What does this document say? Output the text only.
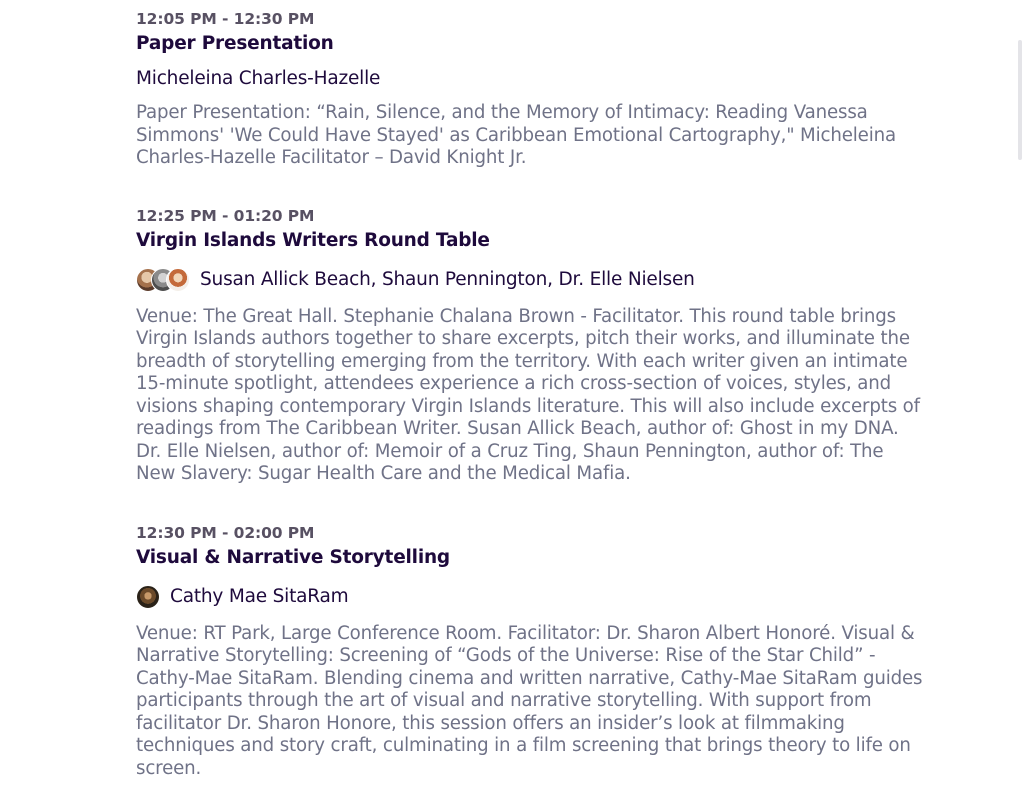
12:05 PM - 12:30 PM
Paper Presentation
Micheleina Charles-Hazelle

Paper Presentation: “Rain, Silence, and the Memory of Intimacy: Reading Vanessa Simmons' 'We Could Have Stayed' as Caribbean Emotional Cartography," Micheleina Charles-Hazelle Facilitator – David Knight Jr.

12:25 PM - 01:20 PM
Virgin Islands Writers Round Table
Susan Allick Beach, Shaun Pennington, Dr. Elle Nielsen

Venue: The Great Hall. Stephanie Chalana Brown - Facilitator. This round table brings Virgin Islands authors together to share excerpts, pitch their works, and illuminate the breadth of storytelling emerging from the territory. With each writer given an intimate 15-minute spotlight, attendees experience a rich cross-section of voices, styles, and visions shaping contemporary Virgin Islands literature. This will also include excerpts of readings from The Caribbean Writer. Susan Allick Beach, author of: Ghost in my DNA. Dr. Elle Nielsen, author of: Memoir of a Cruz Ting, Shaun Pennington, author of: The New Slavery: Sugar Health Care and the Medical Mafia.

12:30 PM - 02:00 PM
Visual & Narrative Storytelling
Cathy Mae SitaRam

Venue: RT Park, Large Conference Room. Facilitator: Dr. Sharon Albert Honoré. Visual & Narrative Storytelling: Screening of “Gods of the Universe: Rise of the Star Child” - Cathy-Mae SitaRam. Blending cinema and written narrative, Cathy-Mae SitaRam guides participants through the art of visual and narrative storytelling. With support from facilitator Dr. Sharon Honore, this session offers an insider’s look at filmmaking techniques and story craft, culminating in a film screening that brings theory to life on screen.
